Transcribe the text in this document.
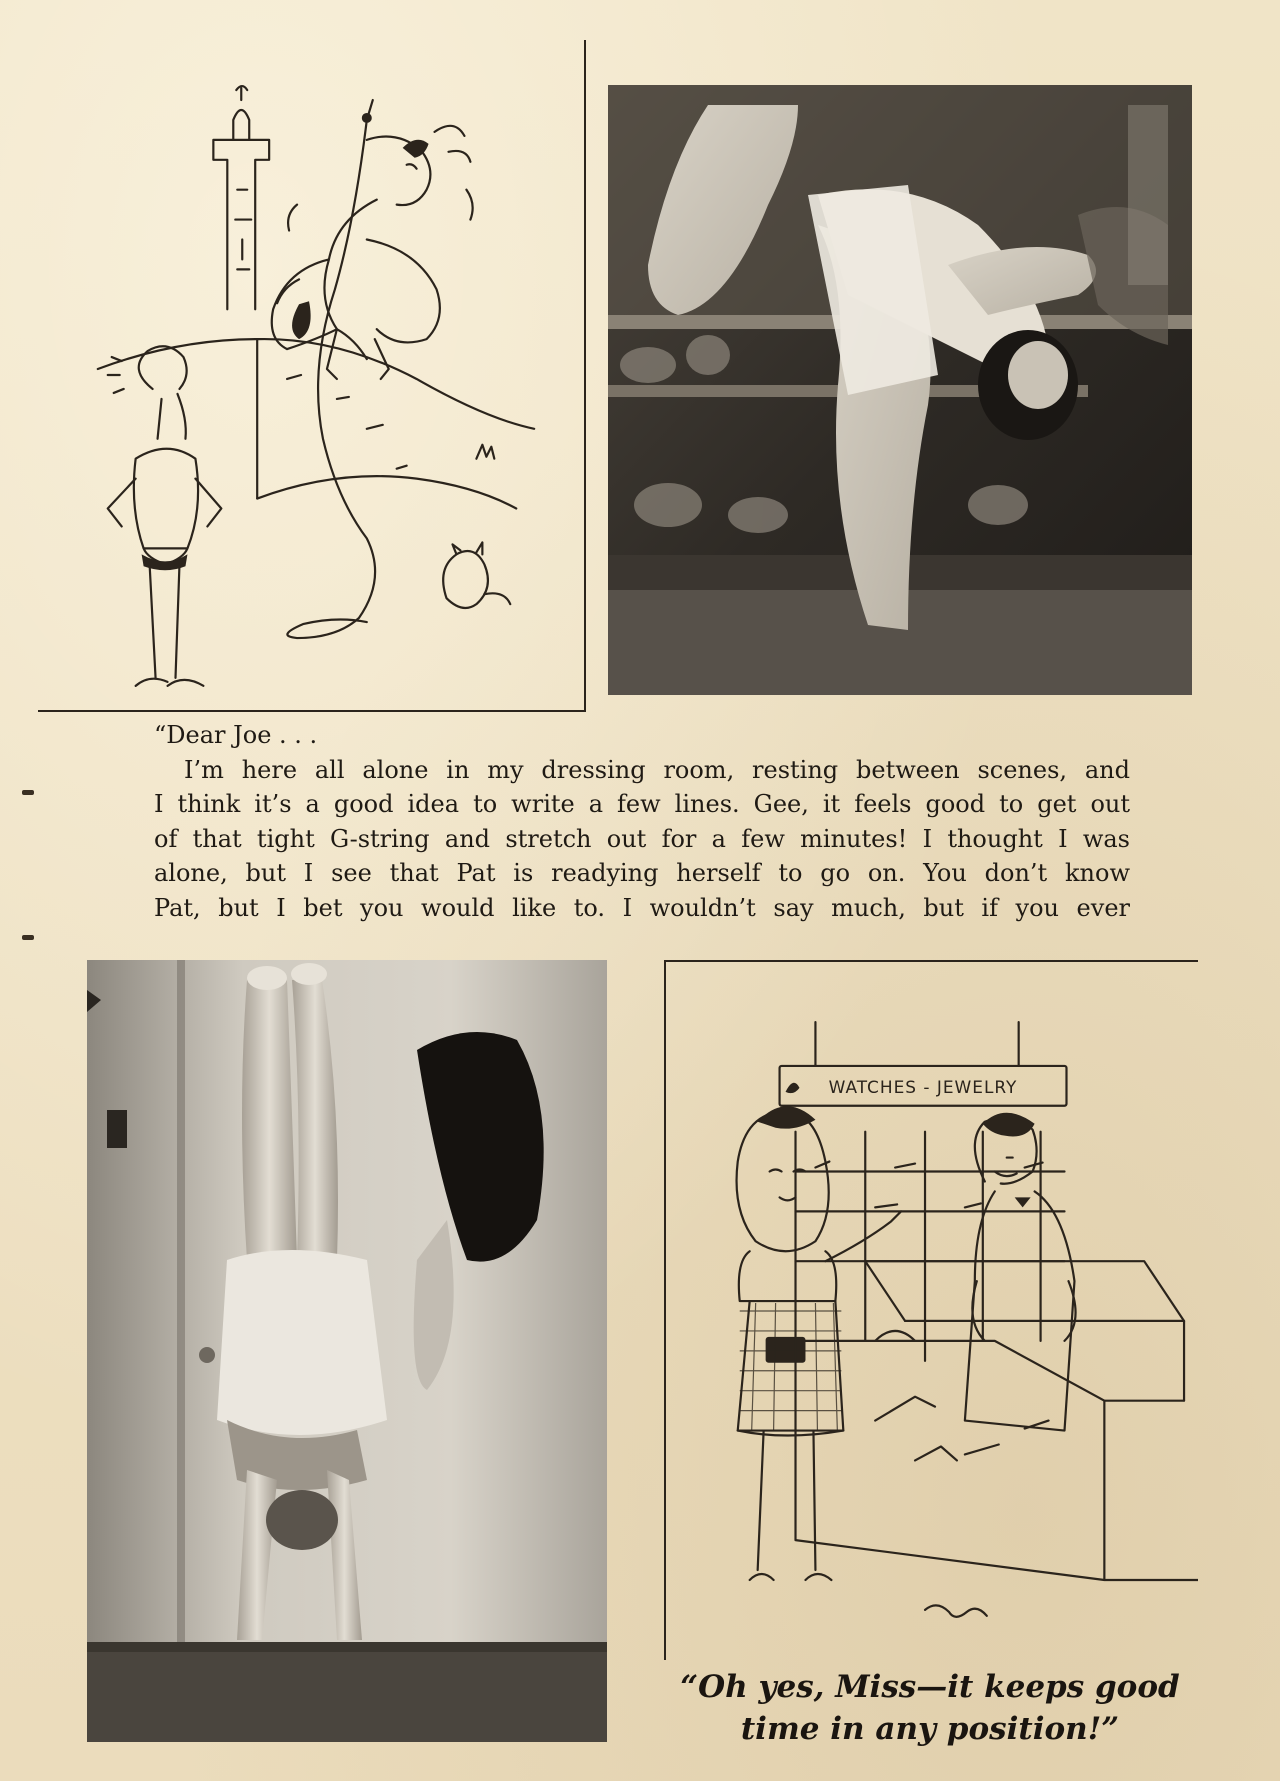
“Dear Joe . . .
I’m here all alone in my dressing room, resting between scenes, and
I think it’s a good idea to write a few lines. Gee, it feels good to get out
of that tight G-string and stretch out for a few minutes! I thought I was
alone, but I see that Pat is readying herself to go on. You don’t know
Pat, but I bet you would like to. I wouldn’t say much, but if you ever
WATCHES - JEWELRY
“Oh yes, Miss—it keeps good
time in any position!”
